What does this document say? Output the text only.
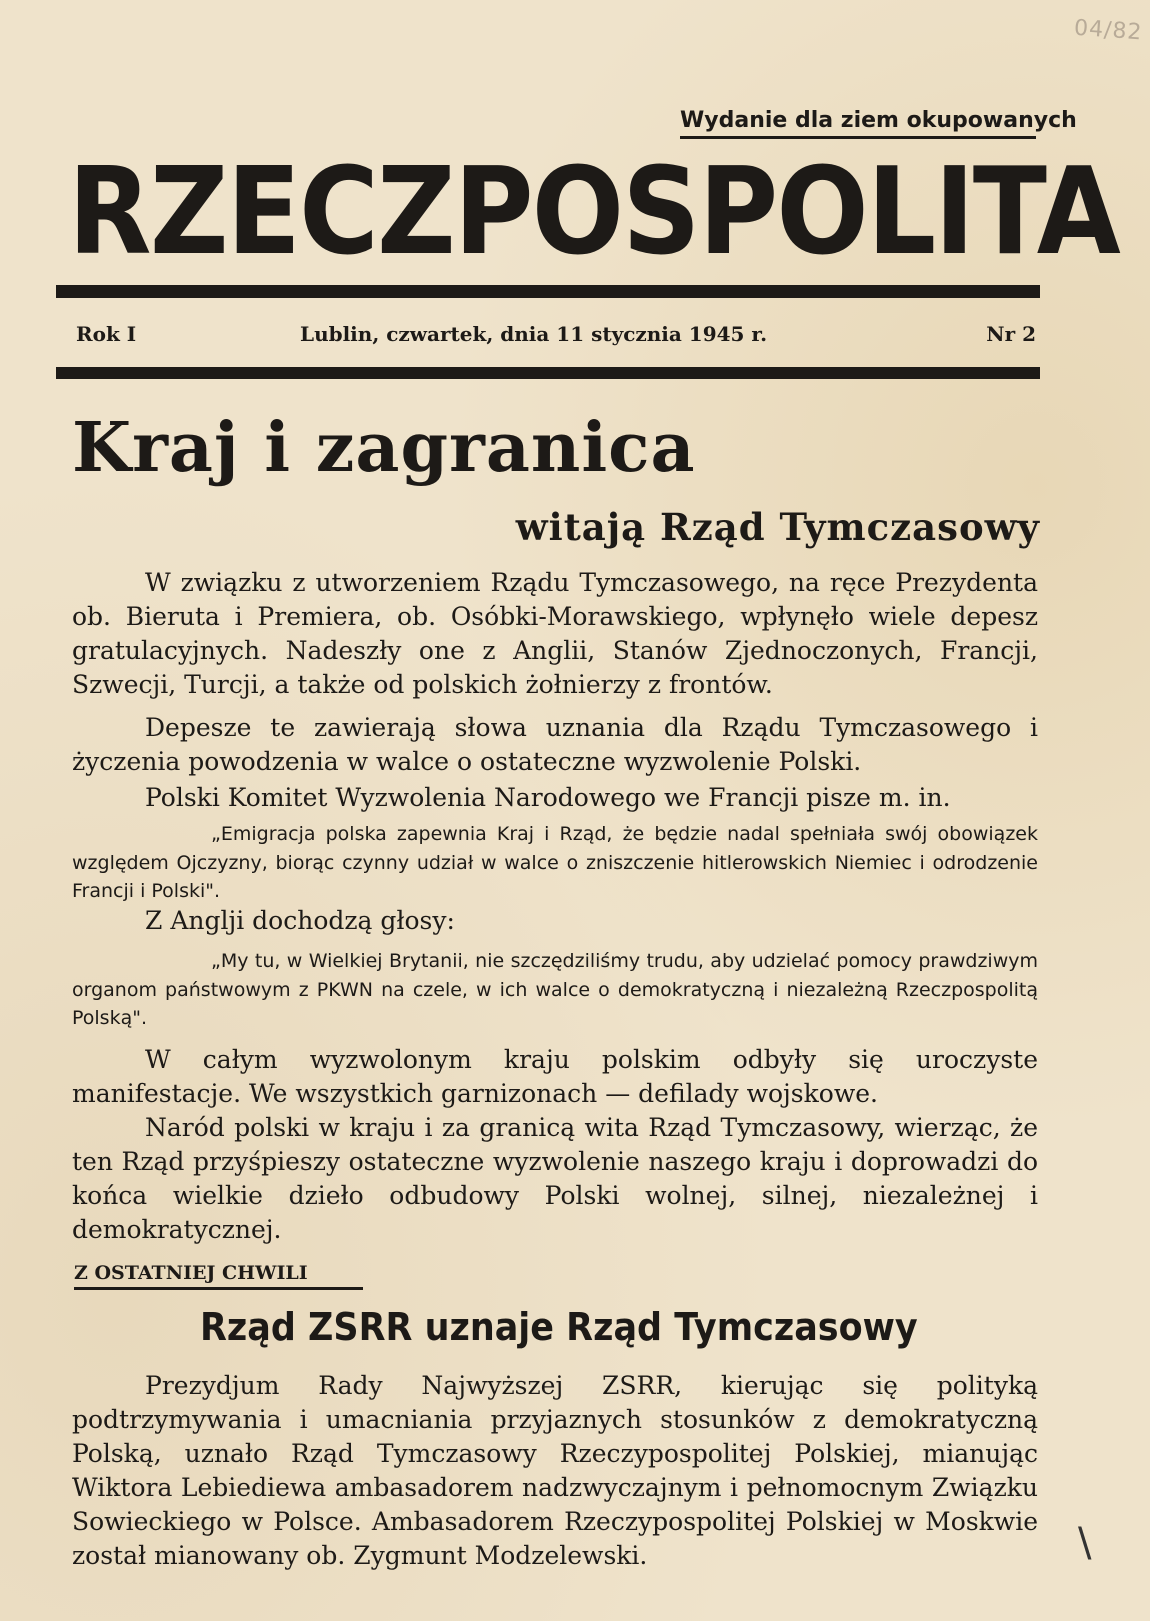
04/82
Wydanie dla ziem okupowanych
RZECZPOSPOLITA
Rok I	Lublin, czwartek, dnia 11 stycznia 1945 r.	Nr 2
Kraj i zagranica
witają Rząd Tymczasowy

W związku z utworzeniem Rządu Tymczasowego, na ręce Prezydenta ob. Bieruta i Premiera, ob. Osóbki-Morawskiego, wpłynęło wiele depesz gratulacyjnych. Nadeszły one z Anglii, Stanów Zjednoczonych, Francji, Szwecji, Turcji, a także od polskich żołnierzy z frontów.

Depesze te zawierają słowa uznania dla Rządu Tymczasowego i życzenia powodzenia w walce o ostateczne wyzwolenie Polski.

Polski Komitet Wyzwolenia Narodowego we Francji pisze m. in.

„Emigracja polska zapewnia Kraj i Rząd, że będzie nadal spełniała swój obowiązek względem Ojczyzny, biorąc czynny udział w walce o zniszczenie hitlerowskich Niemiec i odrodzenie Francji i Polski".

Z Anglji dochodzą głosy:

„My tu, w Wielkiej Brytanii, nie szczędziliśmy trudu, aby udzielać pomocy prawdziwym organom państwowym z PKWN na czele, w ich walce o demokratyczną i niezależną Rzeczpospolitą Polską".

W całym wyzwolonym kraju polskim odbyły się uroczyste manifestacje. We wszystkich garnizonach — defilady wojskowe.

Naród polski w kraju i za granicą wita Rząd Tymczasowy, wierząc, że ten Rząd przyśpieszy ostateczne wyzwolenie naszego kraju i doprowadzi do końca wielkie dzieło odbudowy Polski wolnej, silnej, niezależnej i demokratycznej.

Z OSTATNIEJ CHWILI
Rząd ZSRR uznaje Rząd Tymczasowy

Prezydjum Rady Najwyższej ZSRR, kierując się polityką podtrzymywania i umacniania przyjaznych stosunków z demokratyczną Polską, uznało Rząd Tymczasowy Rzeczypospolitej Polskiej, mianując Wiktora Lebiediewa ambasadorem nadzwyczajnym i pełnomocnym Związku Sowieckiego w Polsce. Ambasadorem Rzeczypospolitej Polskiej w Moskwie został mianowany ob. Zygmunt Modzelewski.	\
